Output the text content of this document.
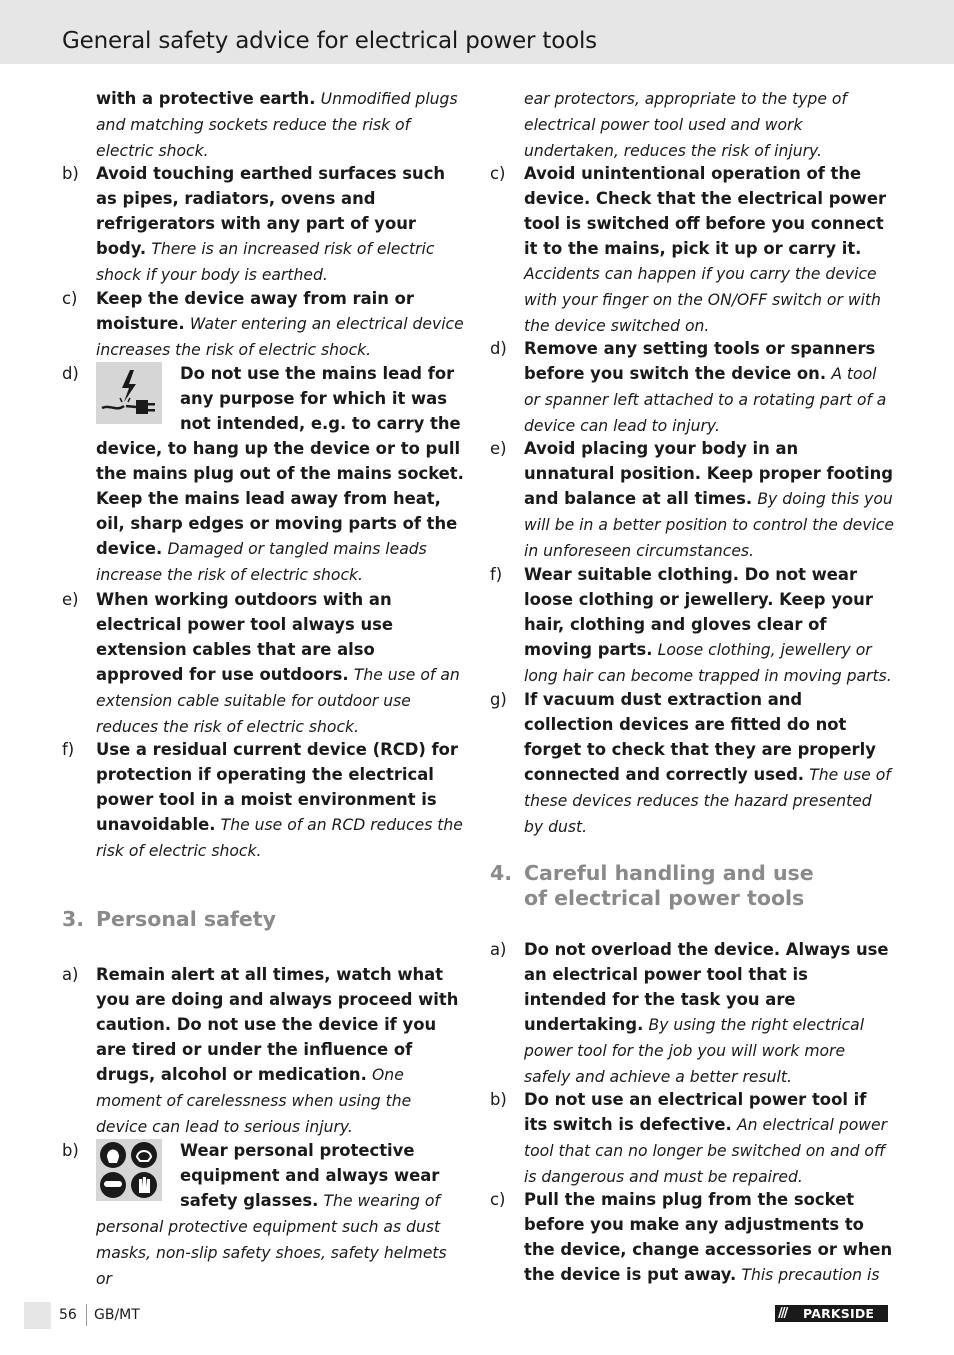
General safety advice for electrical power tools
with a protective earth. Unmodified plugs and matching sockets reduce the risk of electric shock.
b) Avoid touching earthed surfaces such as pipes, radiators, ovens and refrigerators with any part of your body. There is an increased risk of electric shock if your body is earthed.
c) Keep the device away from rain or moisture. Water entering an electrical device increases the risk of electric shock.
d)	Do not use the mains lead for any purpose for which it was not intended, e.g. to carry the device, to hang up the device or to pull the mains plug out of the mains socket. Keep the mains lead away from heat, oil, sharp edges or moving parts of the device. Damaged or tangled mains leads increase the risk of electric shock.
e) When working outdoors with an electrical power tool always use extension cables that are also approved for use outdoors. The use of an extension cable suitable for outdoor use reduces the risk of electric shock.
f) Use a residual current device (RCD) for protection if operating the electrical power tool in a moist environment is unavoidable. The use of an RCD reduces the risk of electric shock.
3. Personal safety
a) Remain alert at all times, watch what you are doing and always proceed with caution. Do not use the device if you are tired or under the influence of drugs, alcohol or medication. One moment of carelessness when using the device can lead to serious injury.
b)	Wear personal protective equipment and always wear safety glasses. The wearing of personal protective equipment such as dust masks, non-slip safety shoes, safety helmets or
ear protectors, appropriate to the type of electrical power tool used and work undertaken, reduces the risk of injury.
c) Avoid unintentional operation of the device. Check that the electrical power tool is switched off before you connect it to the mains, pick it up or carry it. Accidents can happen if you carry the device with your finger on the ON/OFF switch or with the device switched on.
d) Remove any setting tools or spanners before you switch the device on. A tool or spanner left attached to a rotating part of a device can lead to injury.
e) Avoid placing your body in an unnatural position. Keep proper footing and balance at all times. By doing this you will be in a better position to control the device in unforeseen circumstances.
f) Wear suitable clothing. Do not wear loose clothing or jewellery. Keep your hair, clothing and gloves clear of moving parts. Loose clothing, jewellery or long hair can become trapped in moving parts.
g) If vacuum dust extraction and collection devices are fitted do not forget to check that they are properly connected and correctly used. The use of these devices reduces the hazard presented by dust.
4. Careful handling and use
of electrical power tools
a) Do not overload the device. Always use an electrical power tool that is intended for the task you are undertaking. By using the right electrical power tool for the job you will work more safely and achieve a better result.
b) Do not use an electrical power tool if its switch is defective. An electrical power tool that can no longer be switched on and off is dangerous and must be repaired.
c) Pull the mains plug from the socket before you make any adjustments to the device, change accessories or when the device is put away. This precaution is
56 GB/MT	/// PARKSIDE
